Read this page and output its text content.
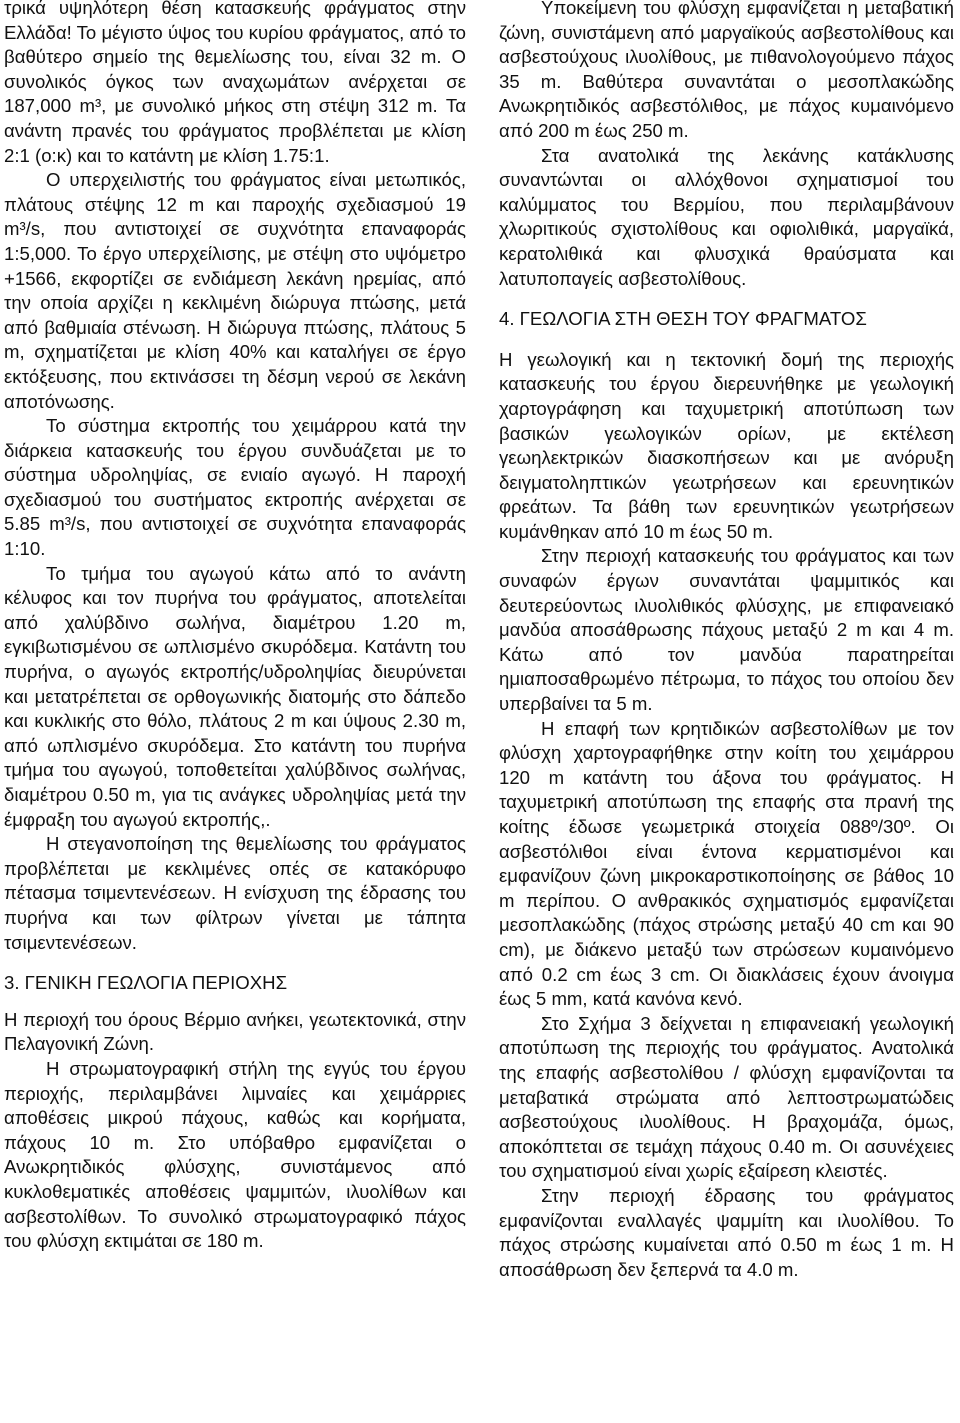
τρικά υψηλότερη θέση κατασκευής φράγματος στην Ελλάδα! Το μέγιστο ύψος του κυρίου φράγματος, από το βαθύτερο σημείο της θεμελίωσης του, είναι 32 m. Ο συνολικός όγκος των αναχωμάτων ανέρχεται σε 187,000 m³, με συνολικό μήκος στη στέψη 312 m. Τα ανάντη πρανές του φράγματος προβλέπεται με κλίση 2:1 (ο:κ) και το κατάντη με κλίση 1.75:1.

Ο υπερχειλιστής του φράγματος είναι μετωπικός, πλάτους στέψης 12 m και παροχής σχεδιασμού 19 m³/s, που αντιστοιχεί σε συχνότητα επαναφοράς 1:5,000. Το έργο υπερχείλισης, με στέψη στο υψόμετρο +1566, εκφορτίζει σε ενδιάμεση λεκάνη ηρεμίας, από την οποία αρχίζει η κεκλιμένη διώρυγα πτώσης, μετά από βαθμιαία στένωση. Η διώρυγα πτώσης, πλάτους 5 m, σχηματίζεται με κλίση 40% και καταλήγει σε έργο εκτόξευσης, που εκτινάσσει τη δέσμη νερού σε λεκάνη αποτόνωσης.

Το σύστημα εκτροπής του χειμάρρου κατά την διάρκεια κατασκευής του έργου συνδυάζεται με το σύστημα υδροληψίας, σε ενιαίο αγωγό. Η παροχή σχεδιασμού του συστήματος εκτροπής ανέρχεται σε 5.85 m³/s, που αντιστοιχεί σε συχνότητα επαναφοράς 1:10.

Το τμήμα του αγωγού κάτω από το ανάντη κέλυφος και τον πυρήνα του φράγματος, αποτελείται από χαλύβδινο σωλήνα, διαμέτρου 1.20 m, εγκιβωτισμένου σε ωπλισμένο σκυρόδεμα. Κατάντη του πυρήνα, ο αγωγός εκτροπής/υδροληψίας διευρύνεται και μετατρέπεται σε ορθογωνικής διατομής στο δάπεδο και κυκλικής στο θόλο, πλάτους 2 m και ύψους 2.30 m, από ωπλισμένο σκυρόδεμα. Στο κατάντη του πυρήνα τμήμα του αγωγού, τοποθετείται χαλύβδινος σωλήνας, διαμέτρου 0.50 m, για τις ανάγκες υδροληψίας μετά την έμφραξη του αγωγού εκτροπής,.

Η στεγανοποίηση της θεμελίωσης του φράγματος προβλέπεται με κεκλιμένες οπές σε κατακόρυφο πέτασμα τσιμεντενέσεων. Η ενίσχυση της έδρασης του πυρήνα και των φίλτρων γίνεται με τάπητα τσιμεντενέσεων.

3. ΓΕΝΙΚΗ ΓΕΩΛΟΓΙΑ ΠΕΡΙΟΧΗΣ

Η περιοχή του όρους Βέρμιο ανήκει, γεωτεκτονικά, στην Πελαγονική Ζώνη.

Η στρωματογραφική στήλη της εγγύς του έργου περιοχής, περιλαμβάνει λιμναίες και χειμάρριες αποθέσεις μικρού πάχους, καθώς και κορήματα, πάχους 10 m. Στο υπόβαθρο εμφανίζεται ο Ανωκρητιδικός φλύσχης, συνιστάμενος από κυκλοθεματικές αποθέσεις ψαμμιτών, ιλυολίθων και ασβεστολίθων. Το συνολικό στρωματογραφικό πάχος του φλύσχη εκτιμάται σε 180 m.

Υποκείμενη του φλύσχη εμφανίζεται η μεταβατική ζώνη, συνιστάμενη από μαργαϊκούς ασβεστολίθους και ασβεστούχους ιλυολίθους, με πιθανολογούμενο πάχος 35 m. Βαθύτερα συναντάται ο μεσοπλακώδης Ανωκρητιδικός ασβεστόλιθος, με πάχος κυμαινόμενο από 200 m έως 250 m.

Στα ανατολικά της λεκάνης κατάκλυσης συναντώνται οι αλλόχθονοι σχηματισμοί του καλύμματος του Βερμίου, που περιλαμβάνουν χλωριτικούς σχιστολίθους και οφιολιθικά, μαργαϊκά, κερατολιθικά και φλυσχικά θραύσματα και λατυποπαγείς ασβεστολίθους.

4. ΓΕΩΛΟΓΙΑ ΣΤΗ ΘΕΣΗ ΤΟΥ ΦΡΑΓΜΑΤΟΣ

Η γεωλογική και η τεκτονική δομή της περιοχής κατασκευής του έργου διερευνήθηκε με γεωλογική χαρτογράφηση και ταχυμετρική αποτύπωση των βασικών γεωλογικών ορίων, με εκτέλεση γεωηλεκτρικών διασκοπήσεων και με ανόρυξη δειγματοληπτικών γεωτρήσεων και ερευνητικών φρεάτων. Τα βάθη των ερευνητικών γεωτρήσεων κυμάνθηκαν από 10 m έως 50 m.

Στην περιοχή κατασκευής του φράγματος και των συναφών έργων συναντάται ψαμμιτικός και δευτερεύοντως ιλυολιθικός φλύσχης, με επιφανειακό μανδύα αποσάθρωσης πάχους μεταξύ 2 m και 4 m. Κάτω από τον μανδύα παρατηρείται ημιαποσαθρωμένο πέτρωμα, το πάχος του οποίου δεν υπερβαίνει τα 5 m.

Η επαφή των κρητιδικών ασβεστολίθων με τον φλύσχη χαρτογραφήθηκε στην κοίτη του χειμάρρου 120 m κατάντη του άξονα του φράγματος. Η ταχυμετρική αποτύπωση της επαφής στα πρανή της κοίτης έδωσε γεωμετρικά στοιχεία 088º/30º. Οι ασβεστόλιθοι είναι έντονα κερματισμένοι και εμφανίζουν ζώνη μικροκαρστικοποίησης σε βάθος 10 m περίπου. Ο ανθρακικός σχηματισμός εμφανίζεται μεσοπλακώδης (πάχος στρώσης μεταξύ 40 cm και 90 cm), με διάκενο μεταξύ των στρώσεων κυμαινόμενο από 0.2 cm έως 3 cm. Οι διακλάσεις έχουν άνοιγμα έως 5 mm, κατά κανόνα κενό.

Στο Σχήμα 3 δείχνεται η επιφανειακή γεωλογική αποτύπωση της περιοχής του φράγματος. Ανατολικά της επαφής ασβεστολίθου / φλύσχη εμφανίζονται τα μεταβατικά στρώματα από λεπτοστρωματώδεις ασβεστούχους ιλυολίθους. Η βραχομάζα, όμως, αποκόπτεται σε τεμάχη πάχους 0.40 m. Οι ασυνέχειες του σχηματισμού είναι χωρίς εξαίρεση κλειστές.

Στην περιοχή έδρασης του φράγματος εμφανίζονται εναλλαγές ψαμμίτη και ιλυολίθου. Το πάχος στρώσης κυμαίνεται από 0.50 m έως 1 m. Η αποσάθρωση δεν ξεπερνά τα 4.0 m.
